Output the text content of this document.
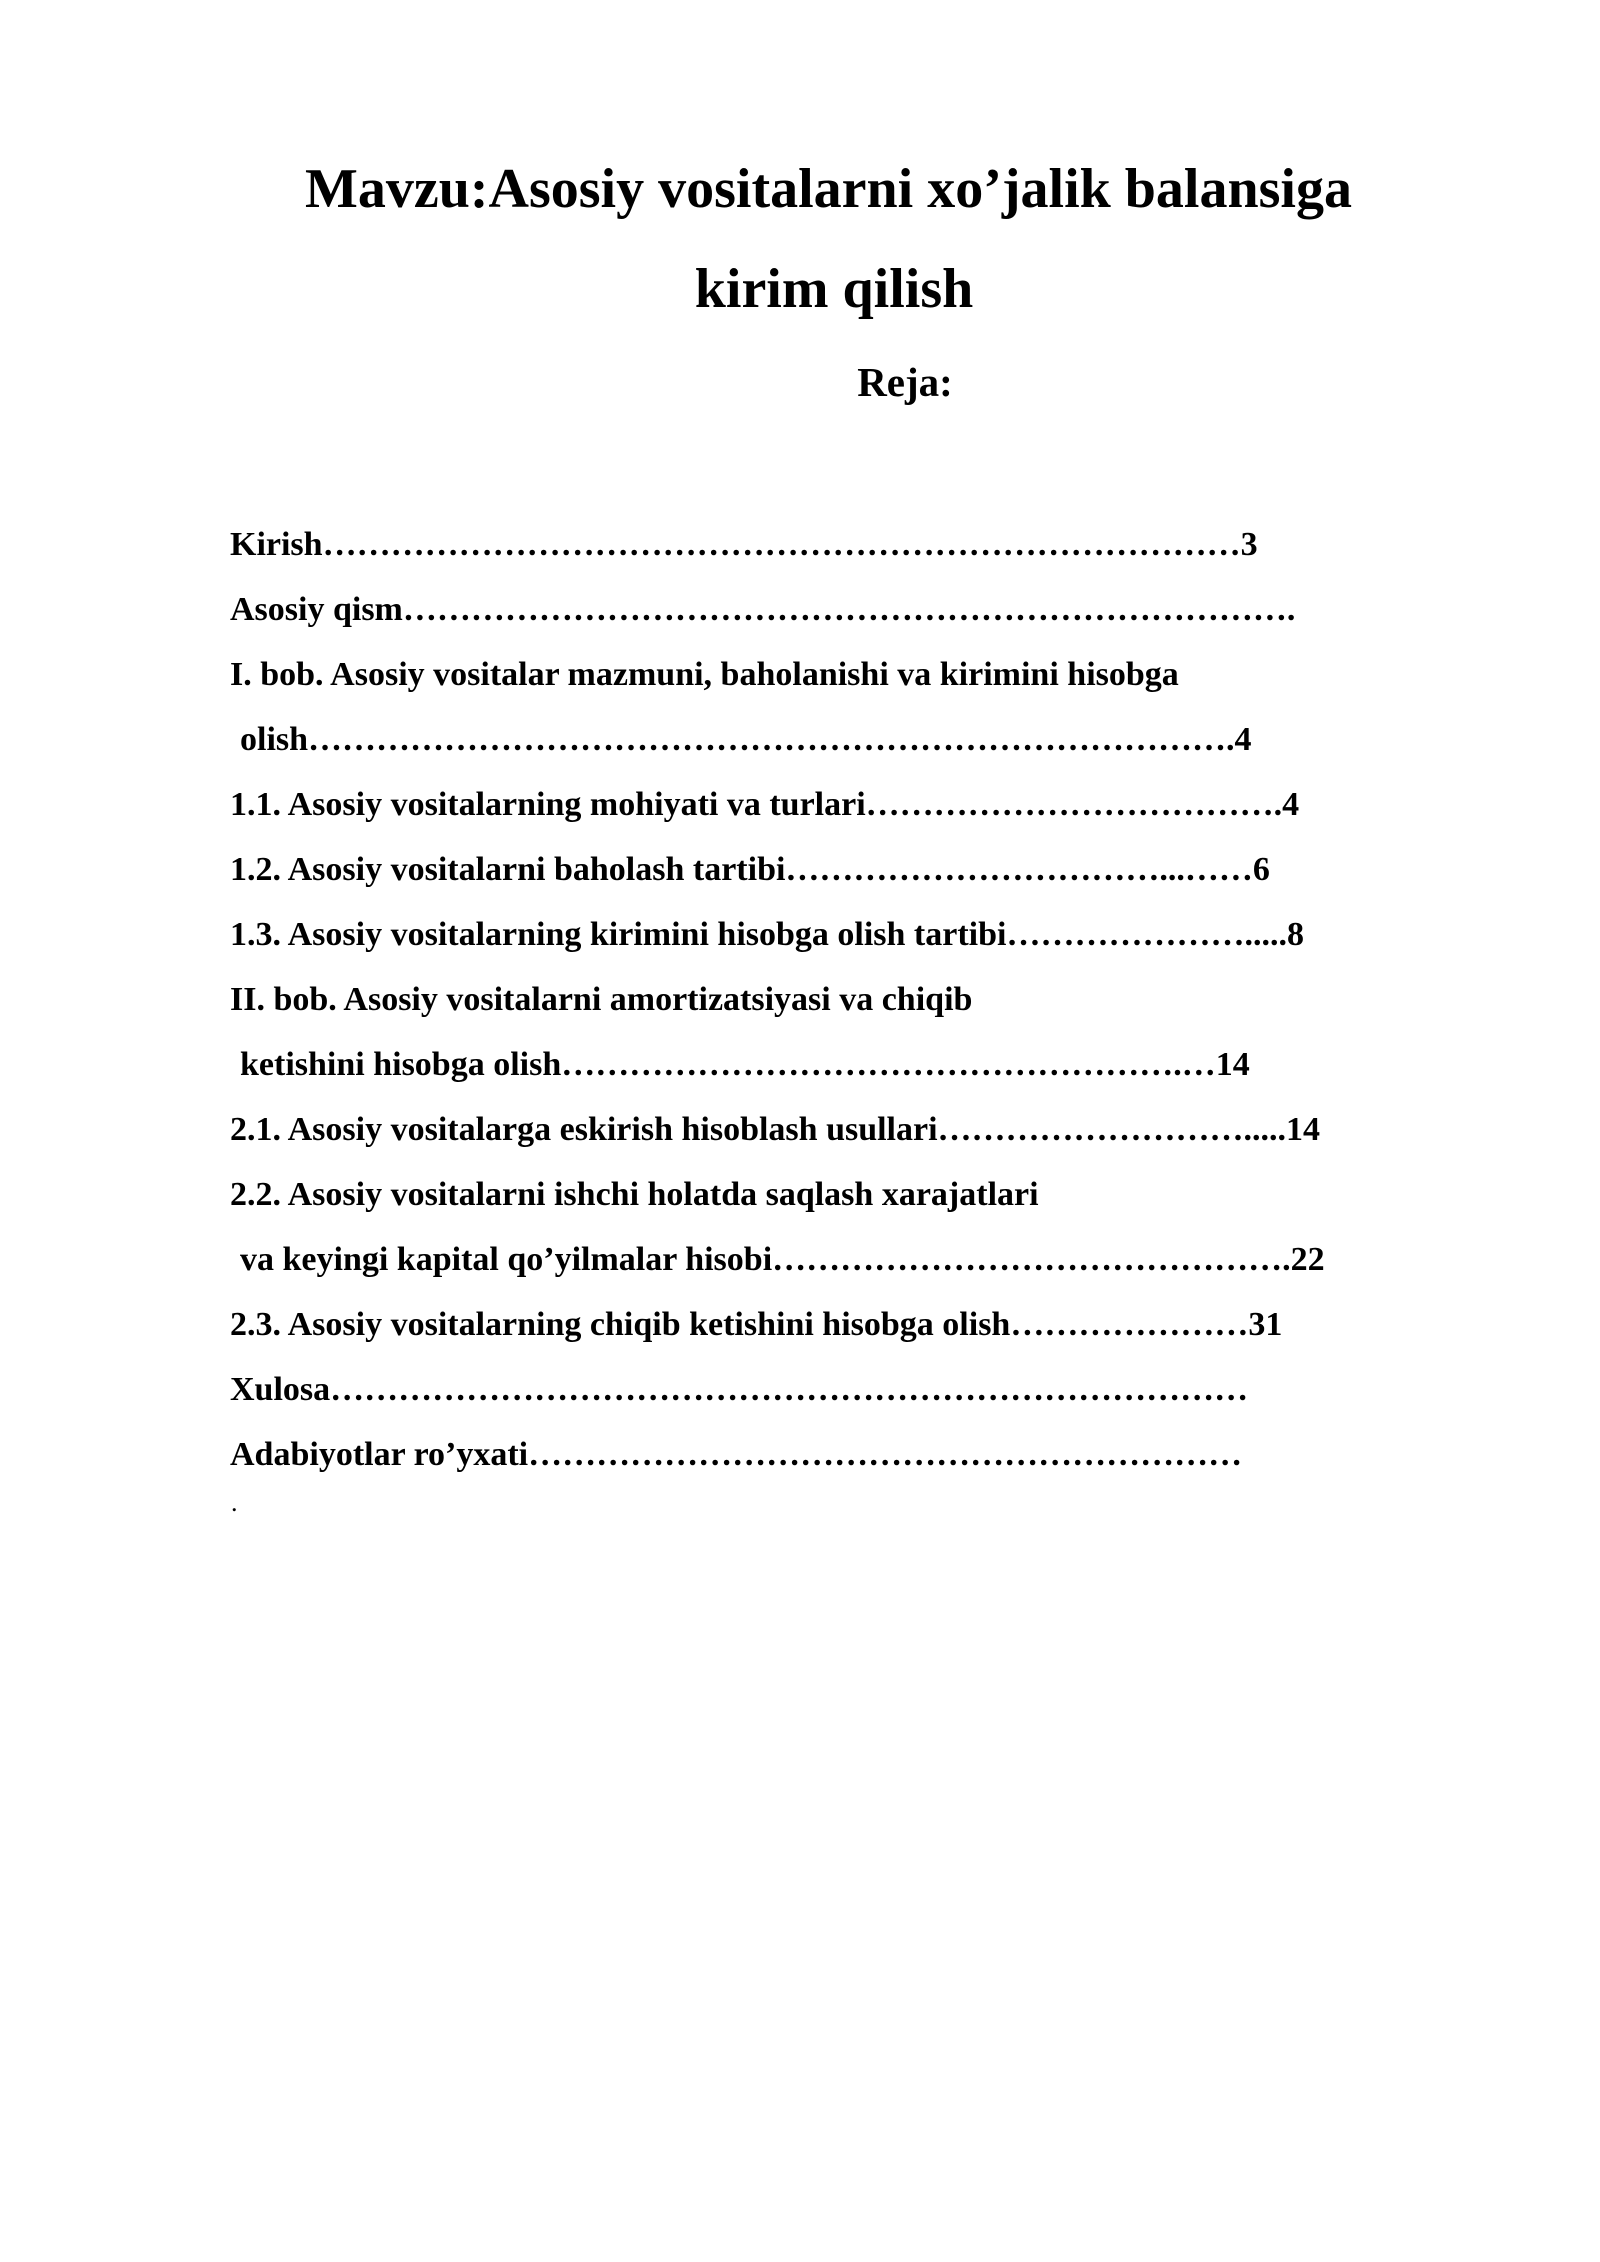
Mavzu:Asosiy vositalarni xo’jalik balansiga
kirim qilish
Reja:
Kirish………………………………………………………………………3
Asosiy qism…………………………………………………………………….
I. bob. Asosiy vositalar mazmuni, baholanishi va kirimini hisobga
olish……………………………………………………………………….4
1.1. Asosiy vositalarning mohiyati va turlari……………………………….4
1.2. Asosiy vositalarni baholash tartibi……………………………...……6
1.3. Asosiy vositalarning kirimini hisobga olish tartibi………………….....8
II. bob. Asosiy vositalarni amortizatsiyasi va chiqib
ketishini hisobga olish……………………………………………….…14
2.1. Asosiy vositalarga eskirish hisoblash usullari……………………….....14
2.2. Asosiy vositalarni ishchi holatda saqlash xarajatlari
va keyingi kapital qo’yilmalar hisobi……………………………………….22
2.3. Asosiy vositalarning chiqib ketishini hisobga olish…………………31
Xulosa………………………………………………………………………
Adabiyotlar ro’yxati………………………………………………………
.
